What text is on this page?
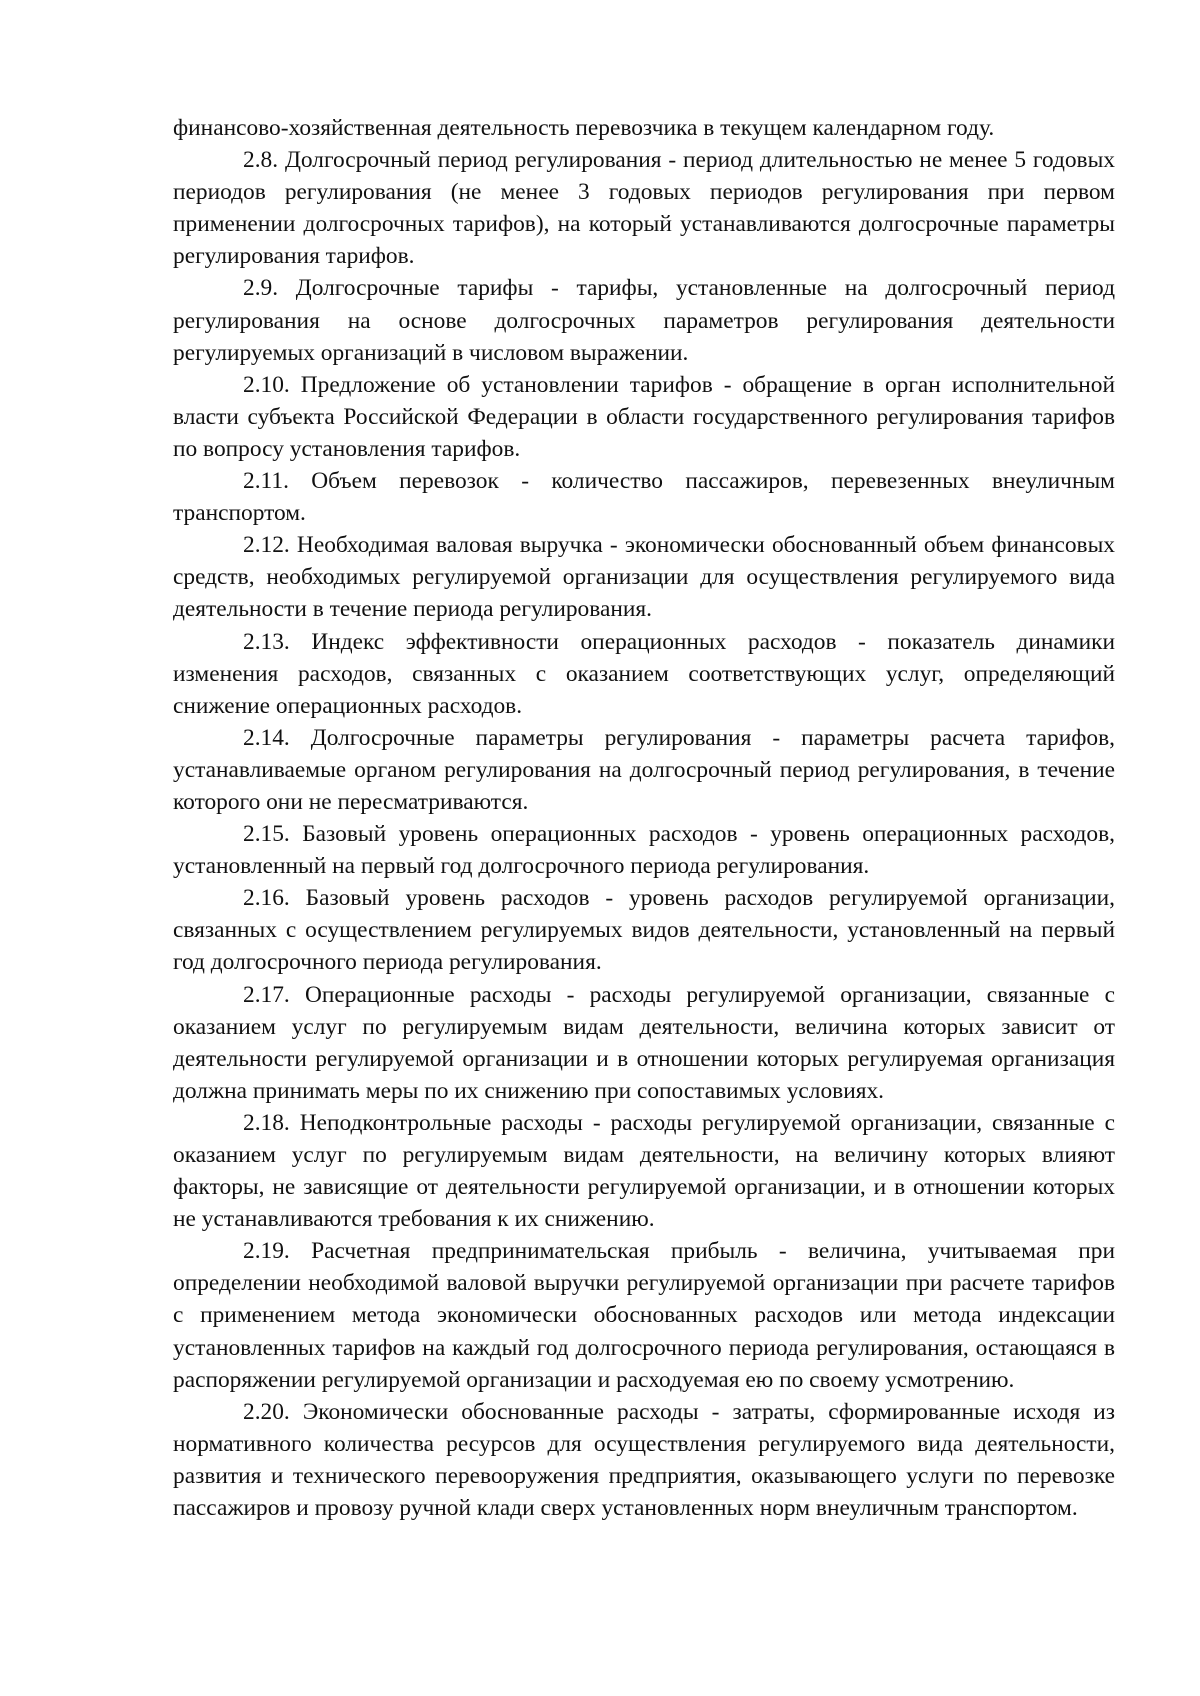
финансово-хозяйственная деятельность перевозчика в текущем календарном году.

2.8. Долгосрочный период регулирования - период длительностью не менее 5 годовых периодов регулирования (не менее 3 годовых периодов регулирования при первом применении долгосрочных тарифов), на который устанавливаются долгосрочные параметры регулирования тарифов.

2.9. Долгосрочные тарифы - тарифы, установленные на долгосрочный период регулирования на основе долгосрочных параметров регулирования деятельности регулируемых организаций в числовом выражении.

2.10. Предложение об установлении тарифов - обращение в орган исполнительной власти субъекта Российской Федерации в области государственного регулирования тарифов по вопросу установления тарифов.

2.11. Объем перевозок - количество пассажиров, перевезенных внеуличным транспортом.

2.12. Необходимая валовая выручка - экономически обоснованный объем финансовых средств, необходимых регулируемой организации для осуществления регулируемого вида деятельности в течение периода регулирования.

2.13. Индекс эффективности операционных расходов - показатель динамики изменения расходов, связанных с оказанием соответствующих услуг, определяющий снижение операционных расходов.

2.14. Долгосрочные параметры регулирования - параметры расчета тарифов, устанавливаемые органом регулирования на долгосрочный период регулирования, в течение которого они не пересматриваются.

2.15. Базовый уровень операционных расходов - уровень операционных расходов, установленный на первый год долгосрочного периода регулирования.

2.16. Базовый уровень расходов - уровень расходов регулируемой организации, связанных с осуществлением регулируемых видов деятельности, установленный на первый год долгосрочного периода регулирования.

2.17. Операционные расходы - расходы регулируемой организации, связанные с оказанием услуг по регулируемым видам деятельности, величина которых зависит от деятельности регулируемой организации и в отношении которых регулируемая организация должна принимать меры по их снижению при сопоставимых условиях.

2.18. Неподконтрольные расходы - расходы регулируемой организации, связанные с оказанием услуг по регулируемым видам деятельности, на величину которых влияют факторы, не зависящие от деятельности регулируемой организации, и в отношении которых не устанавливаются требования к их снижению.

2.19. Расчетная предпринимательская прибыль - величина, учитываемая при определении необходимой валовой выручки регулируемой организации при расчете тарифов с применением метода экономически обоснованных расходов или метода индексации установленных тарифов на каждый год долгосрочного периода регулирования, остающаяся в распоряжении регулируемой организации и расходуемая ею по своему усмотрению.

2.20. Экономически обоснованные расходы - затраты, сформированные исходя из нормативного количества ресурсов для осуществления регулируемого вида деятельности, развития и технического перевооружения предприятия, оказывающего услуги по перевозке пассажиров и провозу ручной клади сверх установленных норм внеуличным транспортом.
